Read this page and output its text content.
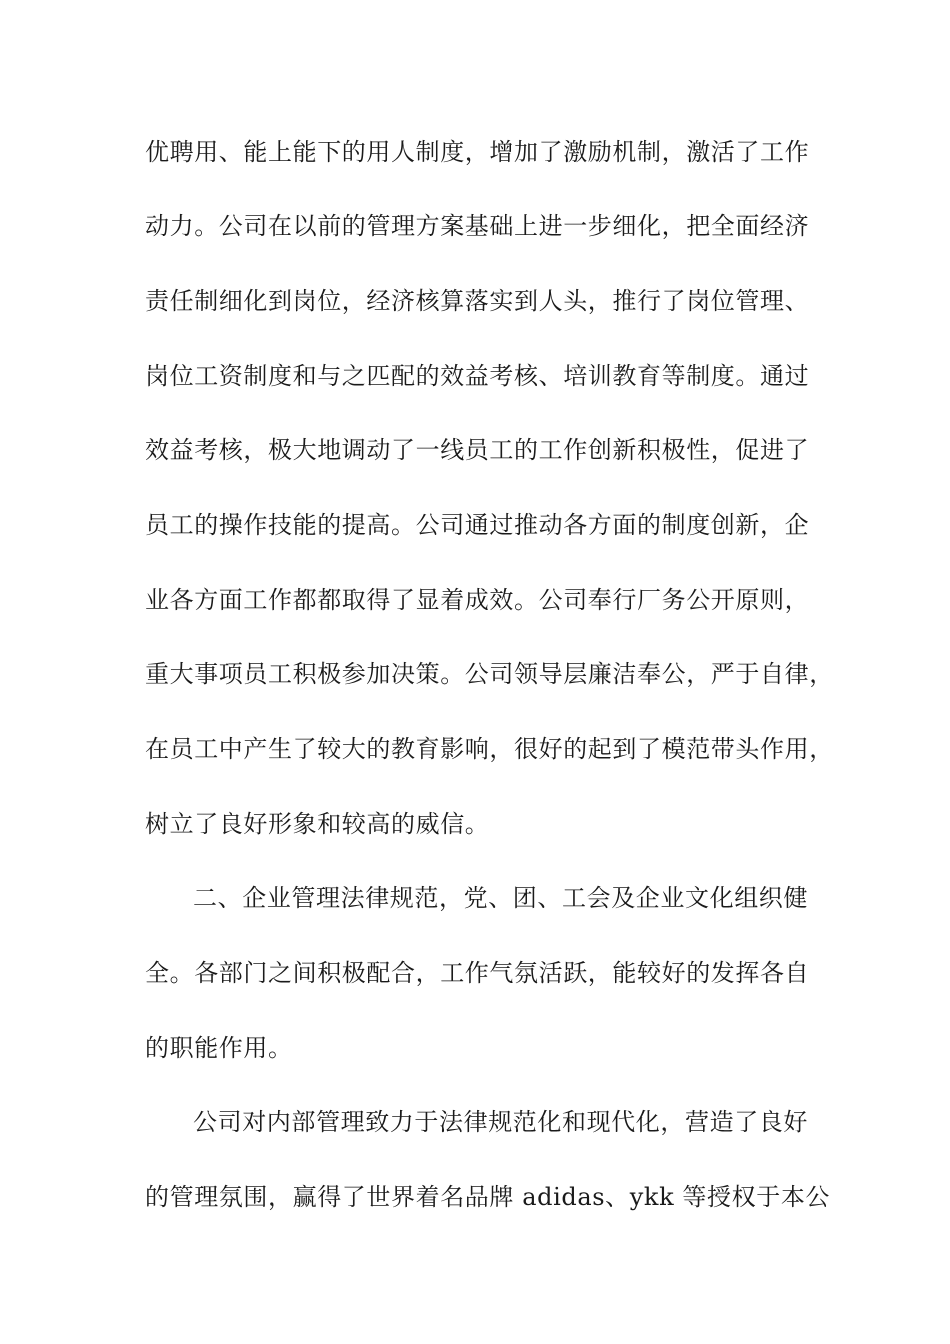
优聘用、能上能下的用人制度，增加了激励机制，激活了工作
动力。公司在以前的管理方案基础上进一步细化，把全面经济
责任制细化到岗位，经济核算落实到人头，推行了岗位管理、
岗位工资制度和与之匹配的效益考核、培训教育等制度。通过
效益考核，极大地调动了一线员工的工作创新积极性，促进了
员工的操作技能的提高。公司通过推动各方面的制度创新，企
业各方面工作都都取得了显着成效。公司奉行厂务公开原则，
重大事项员工积极参加决策。公司领导层廉洁奉公，严于自律，
在员工中产生了较大的教育影响，很好的起到了模范带头作用，
树立了良好形象和较高的威信。
二、企业管理法律规范，党、团、工会及企业文化组织健
全。各部门之间积极配合，工作气氛活跃，能较好的发挥各自
的职能作用。
公司对内部管理致力于法律规范化和现代化，营造了良好
的管理氛围，赢得了世界着名品牌 adidas、ykk 等授权于本公
